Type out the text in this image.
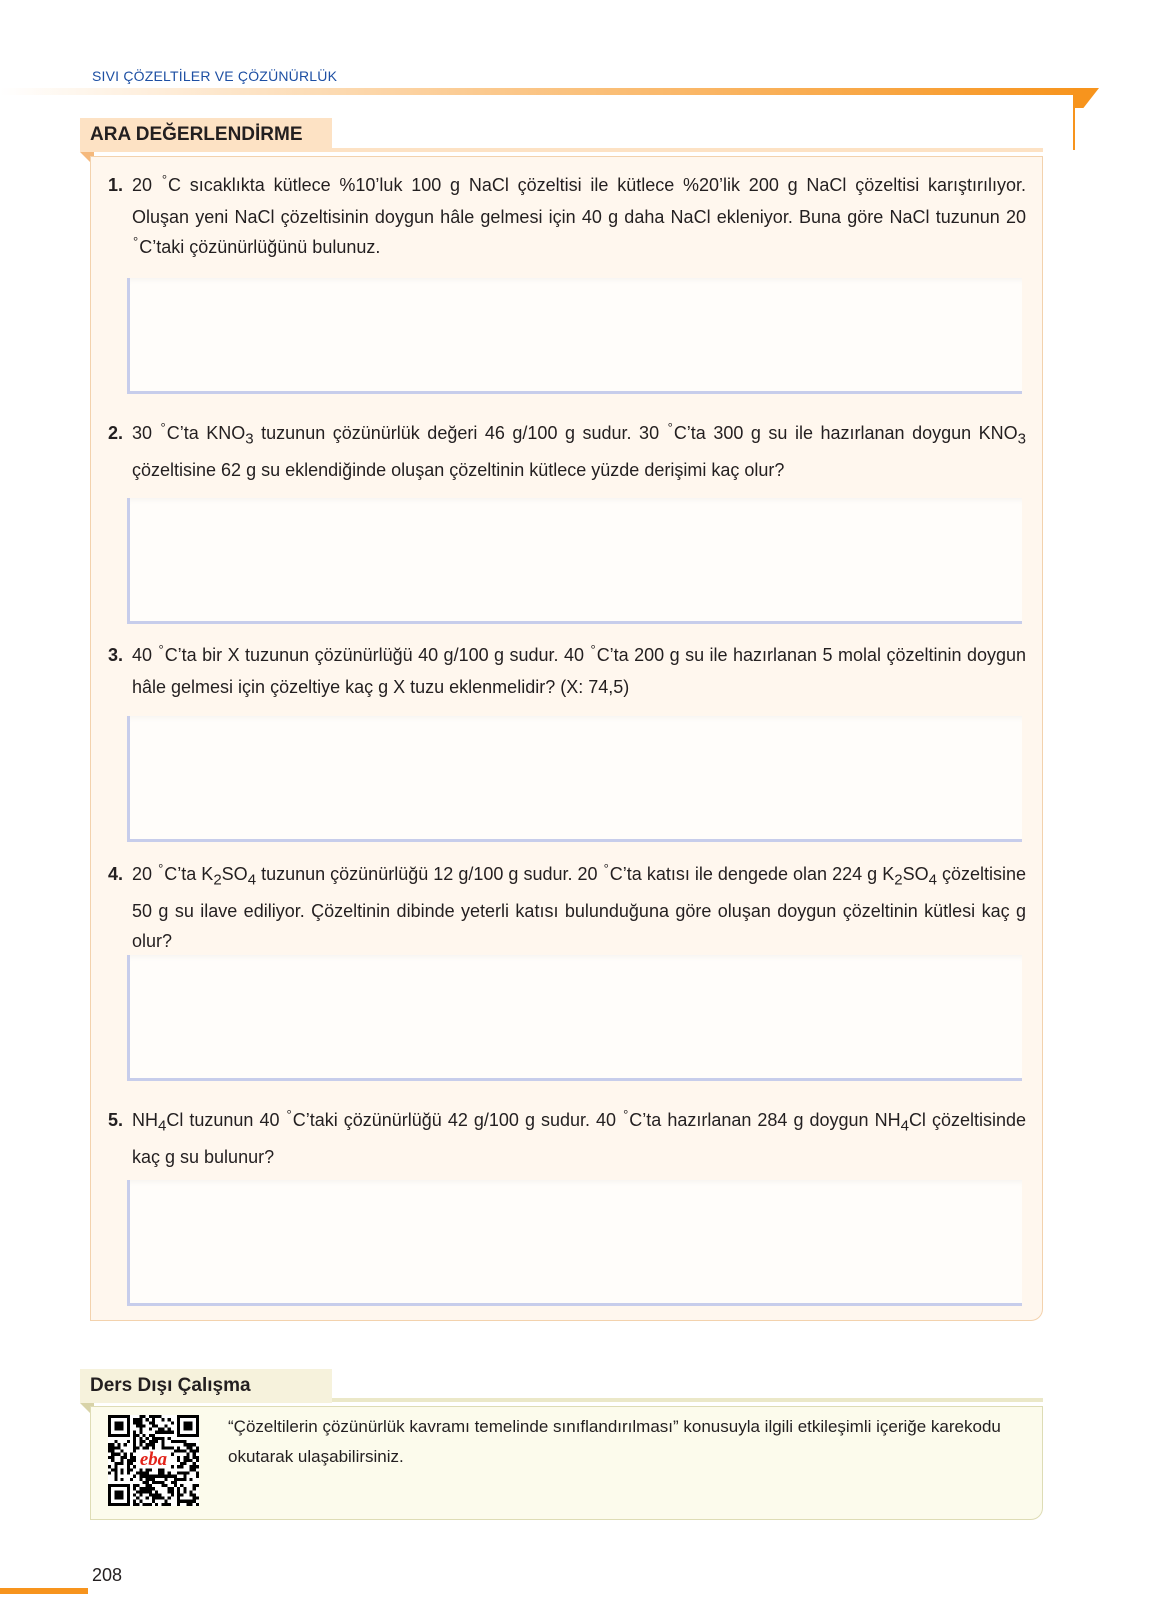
SIVI ÇÖZELTİLER VE ÇÖZÜNÜRLÜK
ARA DEĞERLENDİRME
1. 20 °C sıcaklıkta kütlece %10’luk 100 g NaCl çözeltisi ile kütlece %20’lik 200 g NaCl çözeltisi karıştırılıyor. Oluşan yeni NaCl çözeltisinin doygun hâle gelmesi için 40 g daha NaCl ekleniyor. Buna göre NaCl tuzunun 20 °C’taki çözünürlüğünü bulunuz.
2. 30 °C’ta $KNO_3$ tuzunun çözünürlük değeri 46 g/100 g sudur. 30 °C’ta 300 g su ile hazırlanan doygun $KNO_3$ çözeltisine 62 g su eklendiğinde oluşan çözeltinin kütlece yüzde derişimi kaç olur?
3. 40 °C’ta bir X tuzunun çözünürlüğü 40 g/100 g sudur. 40 °C’ta 200 g su ile hazırlanan 5 molal çözeltinin doygun hâle gelmesi için çözeltiye kaç g X tuzu eklenmelidir? (X: 74,5)
4. 20 °C’ta $K_2SO_4$ tuzunun çözünürlüğü 12 g/100 g sudur. 20 °C’ta katısı ile dengede olan 224 g $K_2SO_4$ çözeltisine 50 g su ilave ediliyor. Çözeltinin dibinde yeterli katısı bulunduğuna göre oluşan doygun çözeltinin kütlesi kaç g olur?
5. $NH_4Cl$ tuzunun 40 °C’taki çözünürlüğü 42 g/100 g sudur. 40 °C’ta hazırlanan 284 g doygun $NH_4Cl$ çözeltisinde kaç g su bulunur?
Ders Dışı Çalışma
eba
“Çözeltilerin çözünürlük kavramı temelinde sınıflandırılması” konusuyla ilgili etkileşimli içeriğe karekodu okutarak ulaşabilirsiniz.
208
